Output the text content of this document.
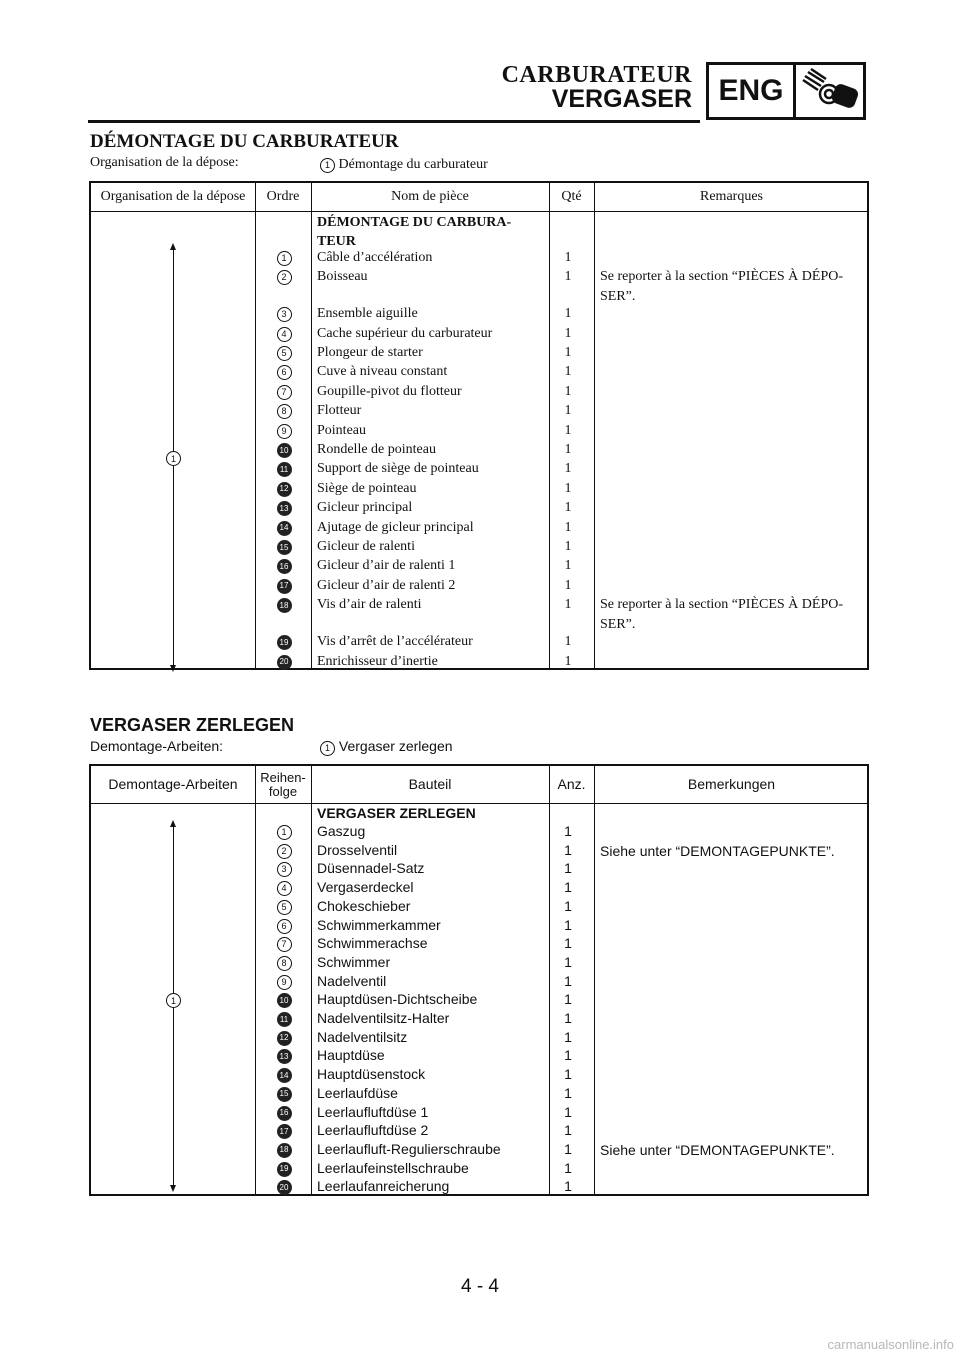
CARBURATEUR
VERGASER ENG
DÉMONTAGE DU CARBURATEUR
Organisation de la dépose:	1 Démontage du carburateur
Organisation de la dépose	Ordre	Nom de pièce	Qté	Remarques
DÉMONTAGE DU CARBURA-TEUR
1
1	Câble d’accélération	1
2	Boisseau	1	Se reporter à la section “PIÈCES À DÉPO-SER”.
3	Ensemble aiguille	1
4	Cache supérieur du carburateur	1
5	Plongeur de starter	1
6	Cuve à niveau constant	1
7	Goupille-pivot du flotteur	1
8	Flotteur	1
9	Pointeau	1
10 Rondelle de pointeau	1
11 Support de siège de pointeau	1
12 Siège de pointeau	1
13 Gicleur principal	1
14 Ajutage de gicleur principal	1
15 Gicleur de ralenti	1
16 Gicleur d’air de ralenti 1	1
17 Gicleur d’air de ralenti 2	1
18 Vis d’air de ralenti	1	Se reporter à la section “PIÈCES À DÉPO-SER”.
19 Vis d’arrêt de l’accélérateur	1
20 Enrichisseur d’inertie	1
VERGASER ZERLEGEN
Demontage-Arbeiten:	1 Vergaser zerlegen
Demontage-Arbeiten	Reihen-folge	Bauteil	Anz.	Bemerkungen
VERGASER ZERLEGEN
1
1	Gaszug	1
2	Drosselventil	1	Siehe unter “DEMONTAGEPUNKTE”.
3	Düsennadel-Satz	1
4	Vergaserdeckel	1
5	Chokeschieber	1
6	Schwimmerkammer	1
7	Schwimmerachse	1
8	Schwimmer	1
9	Nadelventil	1
10 Hauptdüsen-Dichtscheibe	1
11 Nadelventilsitz-Halter	1
12 Nadelventilsitz	1
13 Hauptdüse	1
14 Hauptdüsenstock	1
15 Leerlaufdüse	1
16 Leerlaufluftdüse 1	1
17 Leerlaufluftdüse 2	1
18 Leerlaufluft-Regulierschraube	1	Siehe unter “DEMONTAGEPUNKTE”.
19 Leerlaufeinstellschraube	1
20 Leerlaufanreicherung	1
4 - 4
carmanualsonline.info
